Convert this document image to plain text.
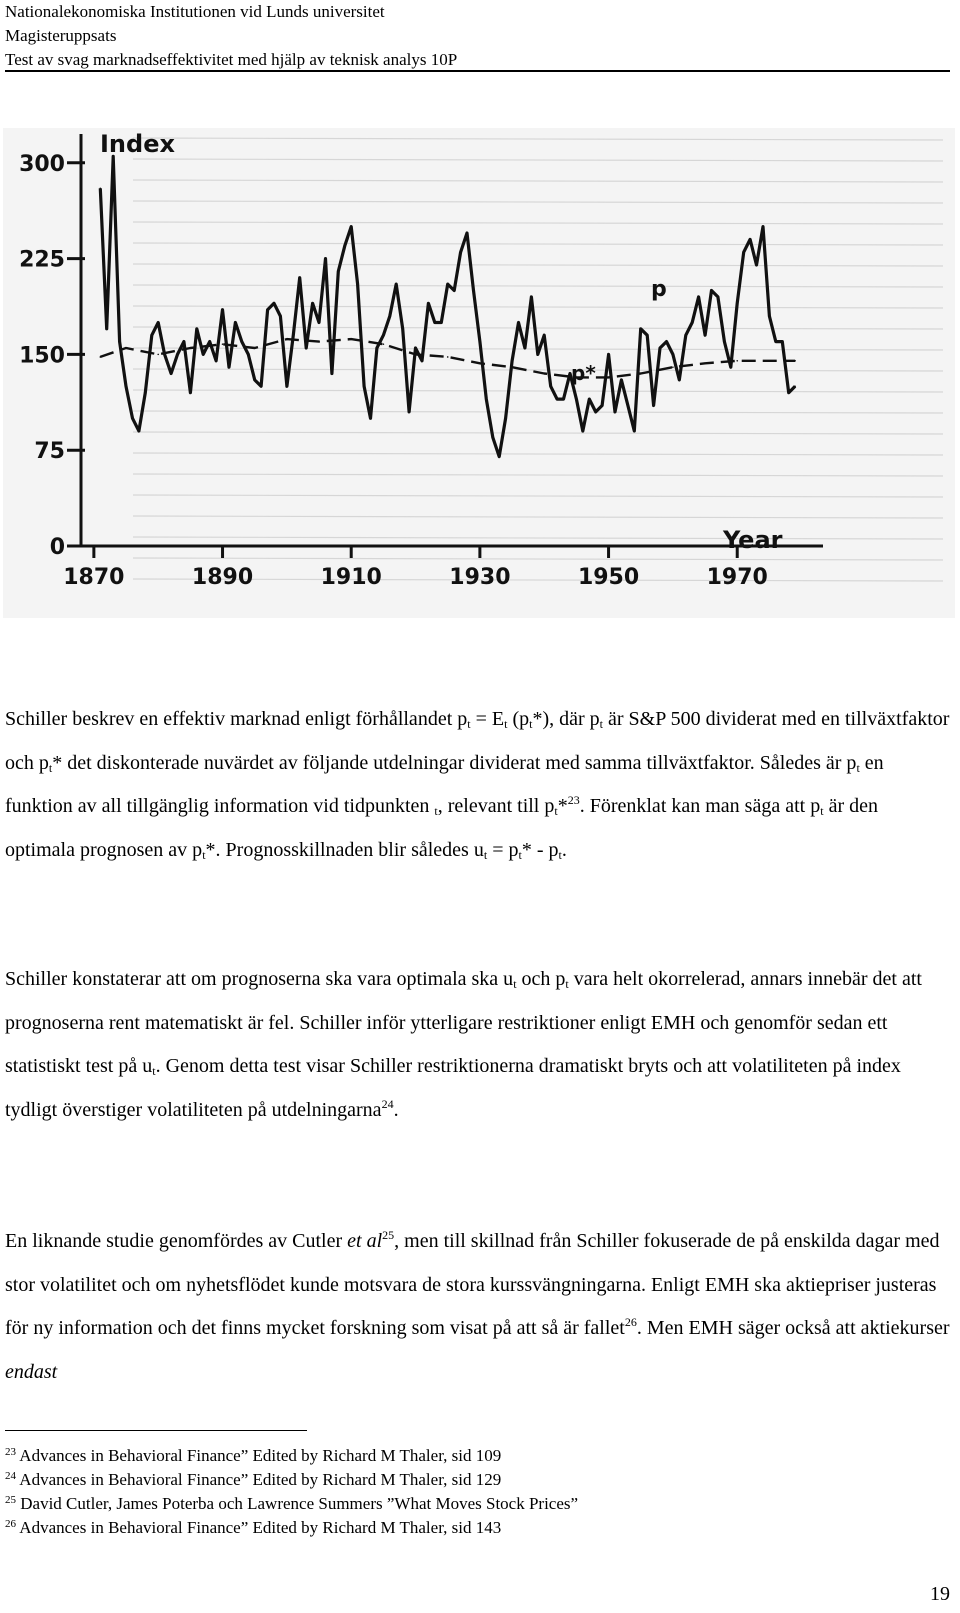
Nationalekonomiska Institutionen vid Lunds universitet
Magisteruppsats
Test av svag marknadseffektivitet med hjälp av teknisk analys 10P
0
75
150
225
300
1870	1890	1910	1930	1950	1970
Index
Year
p
p*
Schiller beskrev en effektiv marknad enligt förhållandet $p_t = E_t$ $(p_t*)$, där $p_t$ är S&P 500 dividerat med en tillväxtfaktor och $p_t*$ det diskonterade nuvärdet av följande utdelningar dividerat med samma tillväxtfaktor. Således är $p_t$ en funktion av all tillgänglig information vid tidpunkten $_t$, relevant till $p_t*^{23}$. Förenklat kan man säga att $p_t$ är den optimala prognosen av $p_t*$. Prognosskillnaden blir således $u_t = p_t* - p_t$.
Schiller konstaterar att om prognoserna ska vara optimala ska $u_t$ och $p_t$ vara helt okorrelerad, annars innebär det att prognoserna rent matematiskt är fel. Schiller inför ytterligare restriktioner enligt EMH och genomför sedan ett statistiskt test på $u_t$. Genom detta test visar Schiller restriktionerna dramatiskt bryts och att volatiliteten på index tydligt överstiger volatiliteten på utdelningarna$^{24}$.
En liknande studie genomfördes av Cutler et $al^{25}$, men till skillnad från Schiller fokuserade de på enskilda dagar med stor volatilitet och om nyhetsflödet kunde motsvara de stora kurssvängningarna. Enligt EMH ska aktiepriser justeras för ny information och det finns mycket forskning som visat på att så är fallet$^{26}$. Men EMH säger också att aktiekurser endast
$^{23}$ Advances in Behavioral Finance” Edited by Richard M Thaler, sid 109
$^{24}$ Advances in Behavioral Finance” Edited by Richard M Thaler, sid 129
$^{25}$ David Cutler, James Poterba och Lawrence Summers ”What Moves Stock Prices”
$^{26}$ Advances in Behavioral Finance” Edited by Richard M Thaler, sid 143
19
